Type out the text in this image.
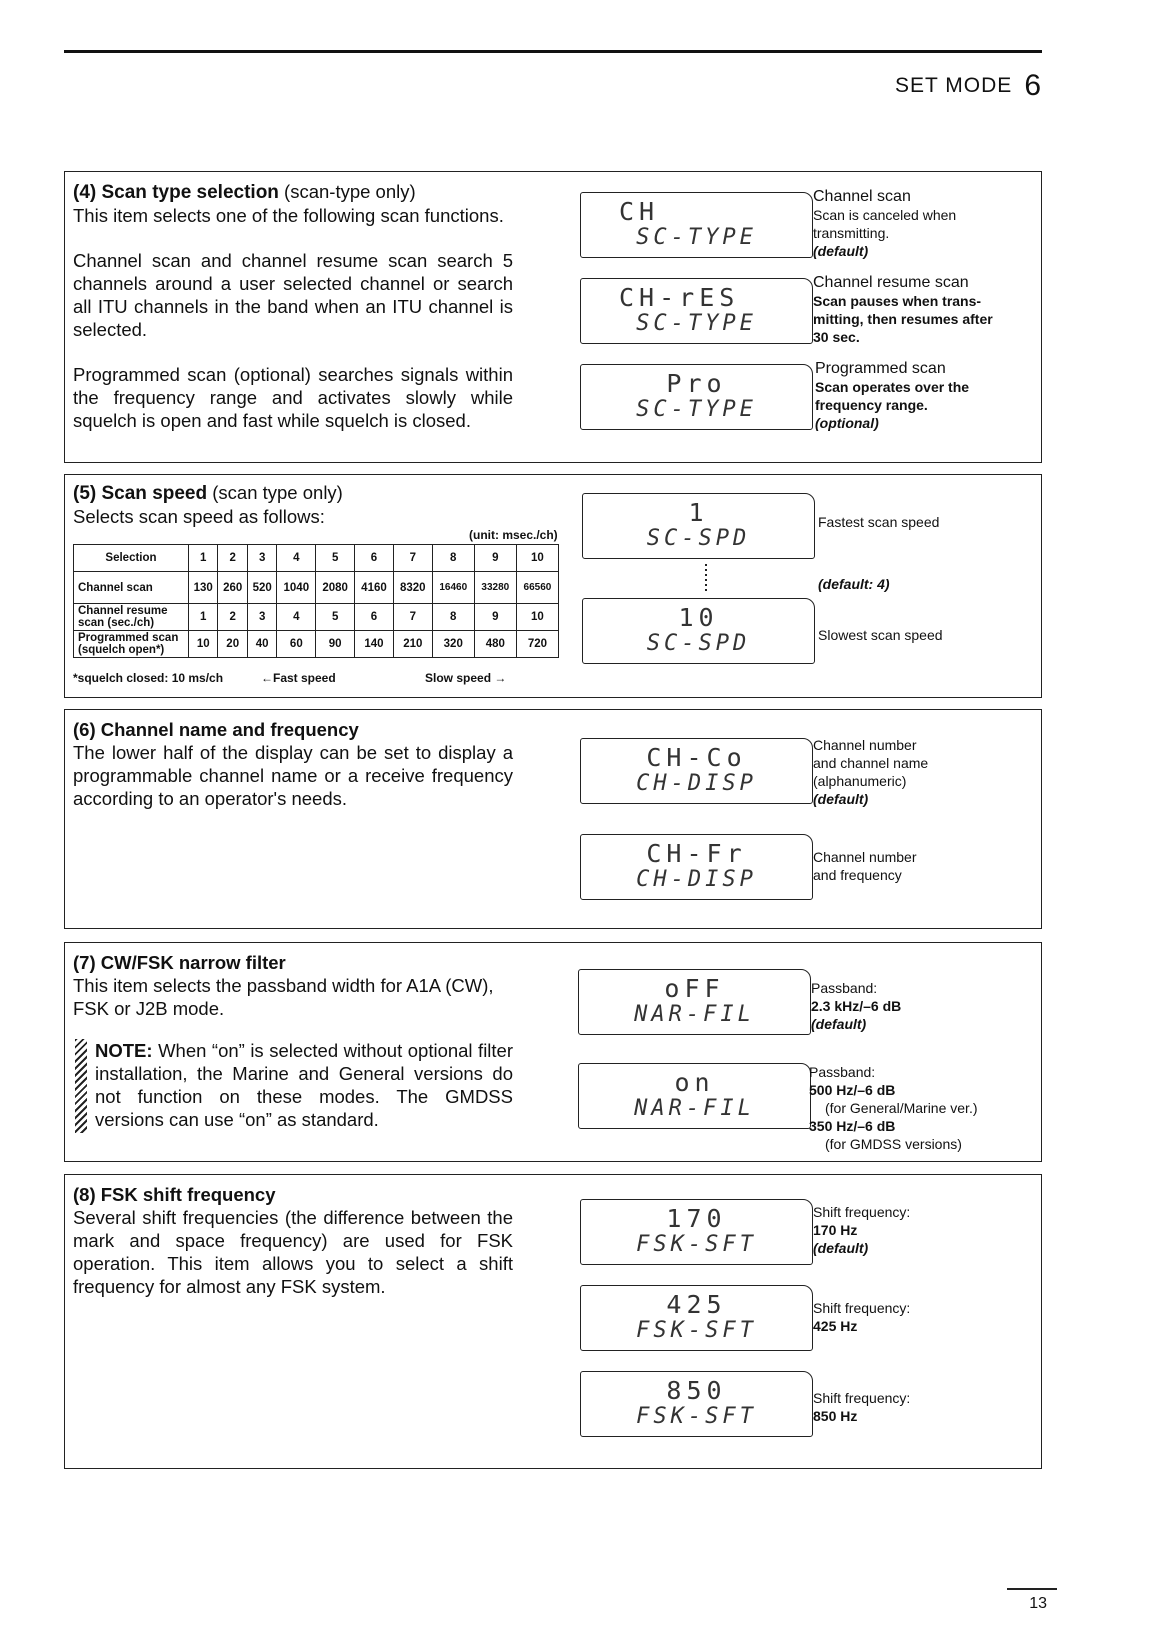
SET MODE 6
(4) Scan type selection (scan-type only)
This item selects one of the following scan functions.
Channel scan and channel resume scan search 5 channels around a user selected channel or search all ITU channels in the band when an ITU channel is selected.
Programmed scan (optional) searches signals within the frequency range and activates slowly while squelch is open and fast while squelch is closed.
CH
SC-TYPE
Channel scan
Scan is canceled when
transmitting.
(default)
CH-rES
SC-TYPE
Channel resume scan
Scan pauses when trans-
mitting, then resumes after
30 sec.
Pro
SC-TYPE
Programmed scan
Scan operates over the
frequency range.
(optional)
(5) Scan speed (scan type only)
Selects scan speed as follows:
(unit: msec./ch)
Selection	1	2	3	4	5	6	7	8	9	10
Channel scan	130	260	520	1040	2080	4160	8320	16460	33280	66560
Channel resume scan (sec./ch)	1	2	3	4	5	6	7	8	9	10
Programmed scan (squelch open*)	10	20	40	60	90	140	210	320	480	720
*squelch closed: 10 ms/ch	←Fast speed	Slow speed →
1
SC-SPD
Fastest scan speed
(default: 4)
10
SC-SPD	Slowest scan speed
(6) Channel name and frequency
The lower half of the display can be set to display a programmable channel name or a receive frequency according to an operator's needs.
CH-Co
CH-DISP
Channel number
and channel name
(alphanumeric)
(default)
CH-Fr
CH-DISP
Channel number
and frequency
(7) CW/FSK narrow filter
This item selects the passband width for A1A (CW), FSK or J2B mode.
NOTE: When “on” is selected without optional filter installation, the Marine and General versions do not function on these modes. The GMDSS versions can use “on” as standard.
oFF
NAR-FIL
Passband:
2.3 kHz/–6 dB
(default)
on
NAR-FIL
Passband:
500 Hz/–6 dB
(for General/Marine ver.)
350 Hz/–6 dB
(for GMDSS versions)
(8) FSK shift frequency
Several shift frequencies (the difference between the mark and space frequency) are used for FSK operation. This item allows you to select a shift frequency for almost any FSK system.
170
FSK-SFT
Shift frequency:
170 Hz
(default)
425
FSK-SFT
Shift frequency:
425 Hz
850
FSK-SFT
Shift frequency:
850 Hz
13
